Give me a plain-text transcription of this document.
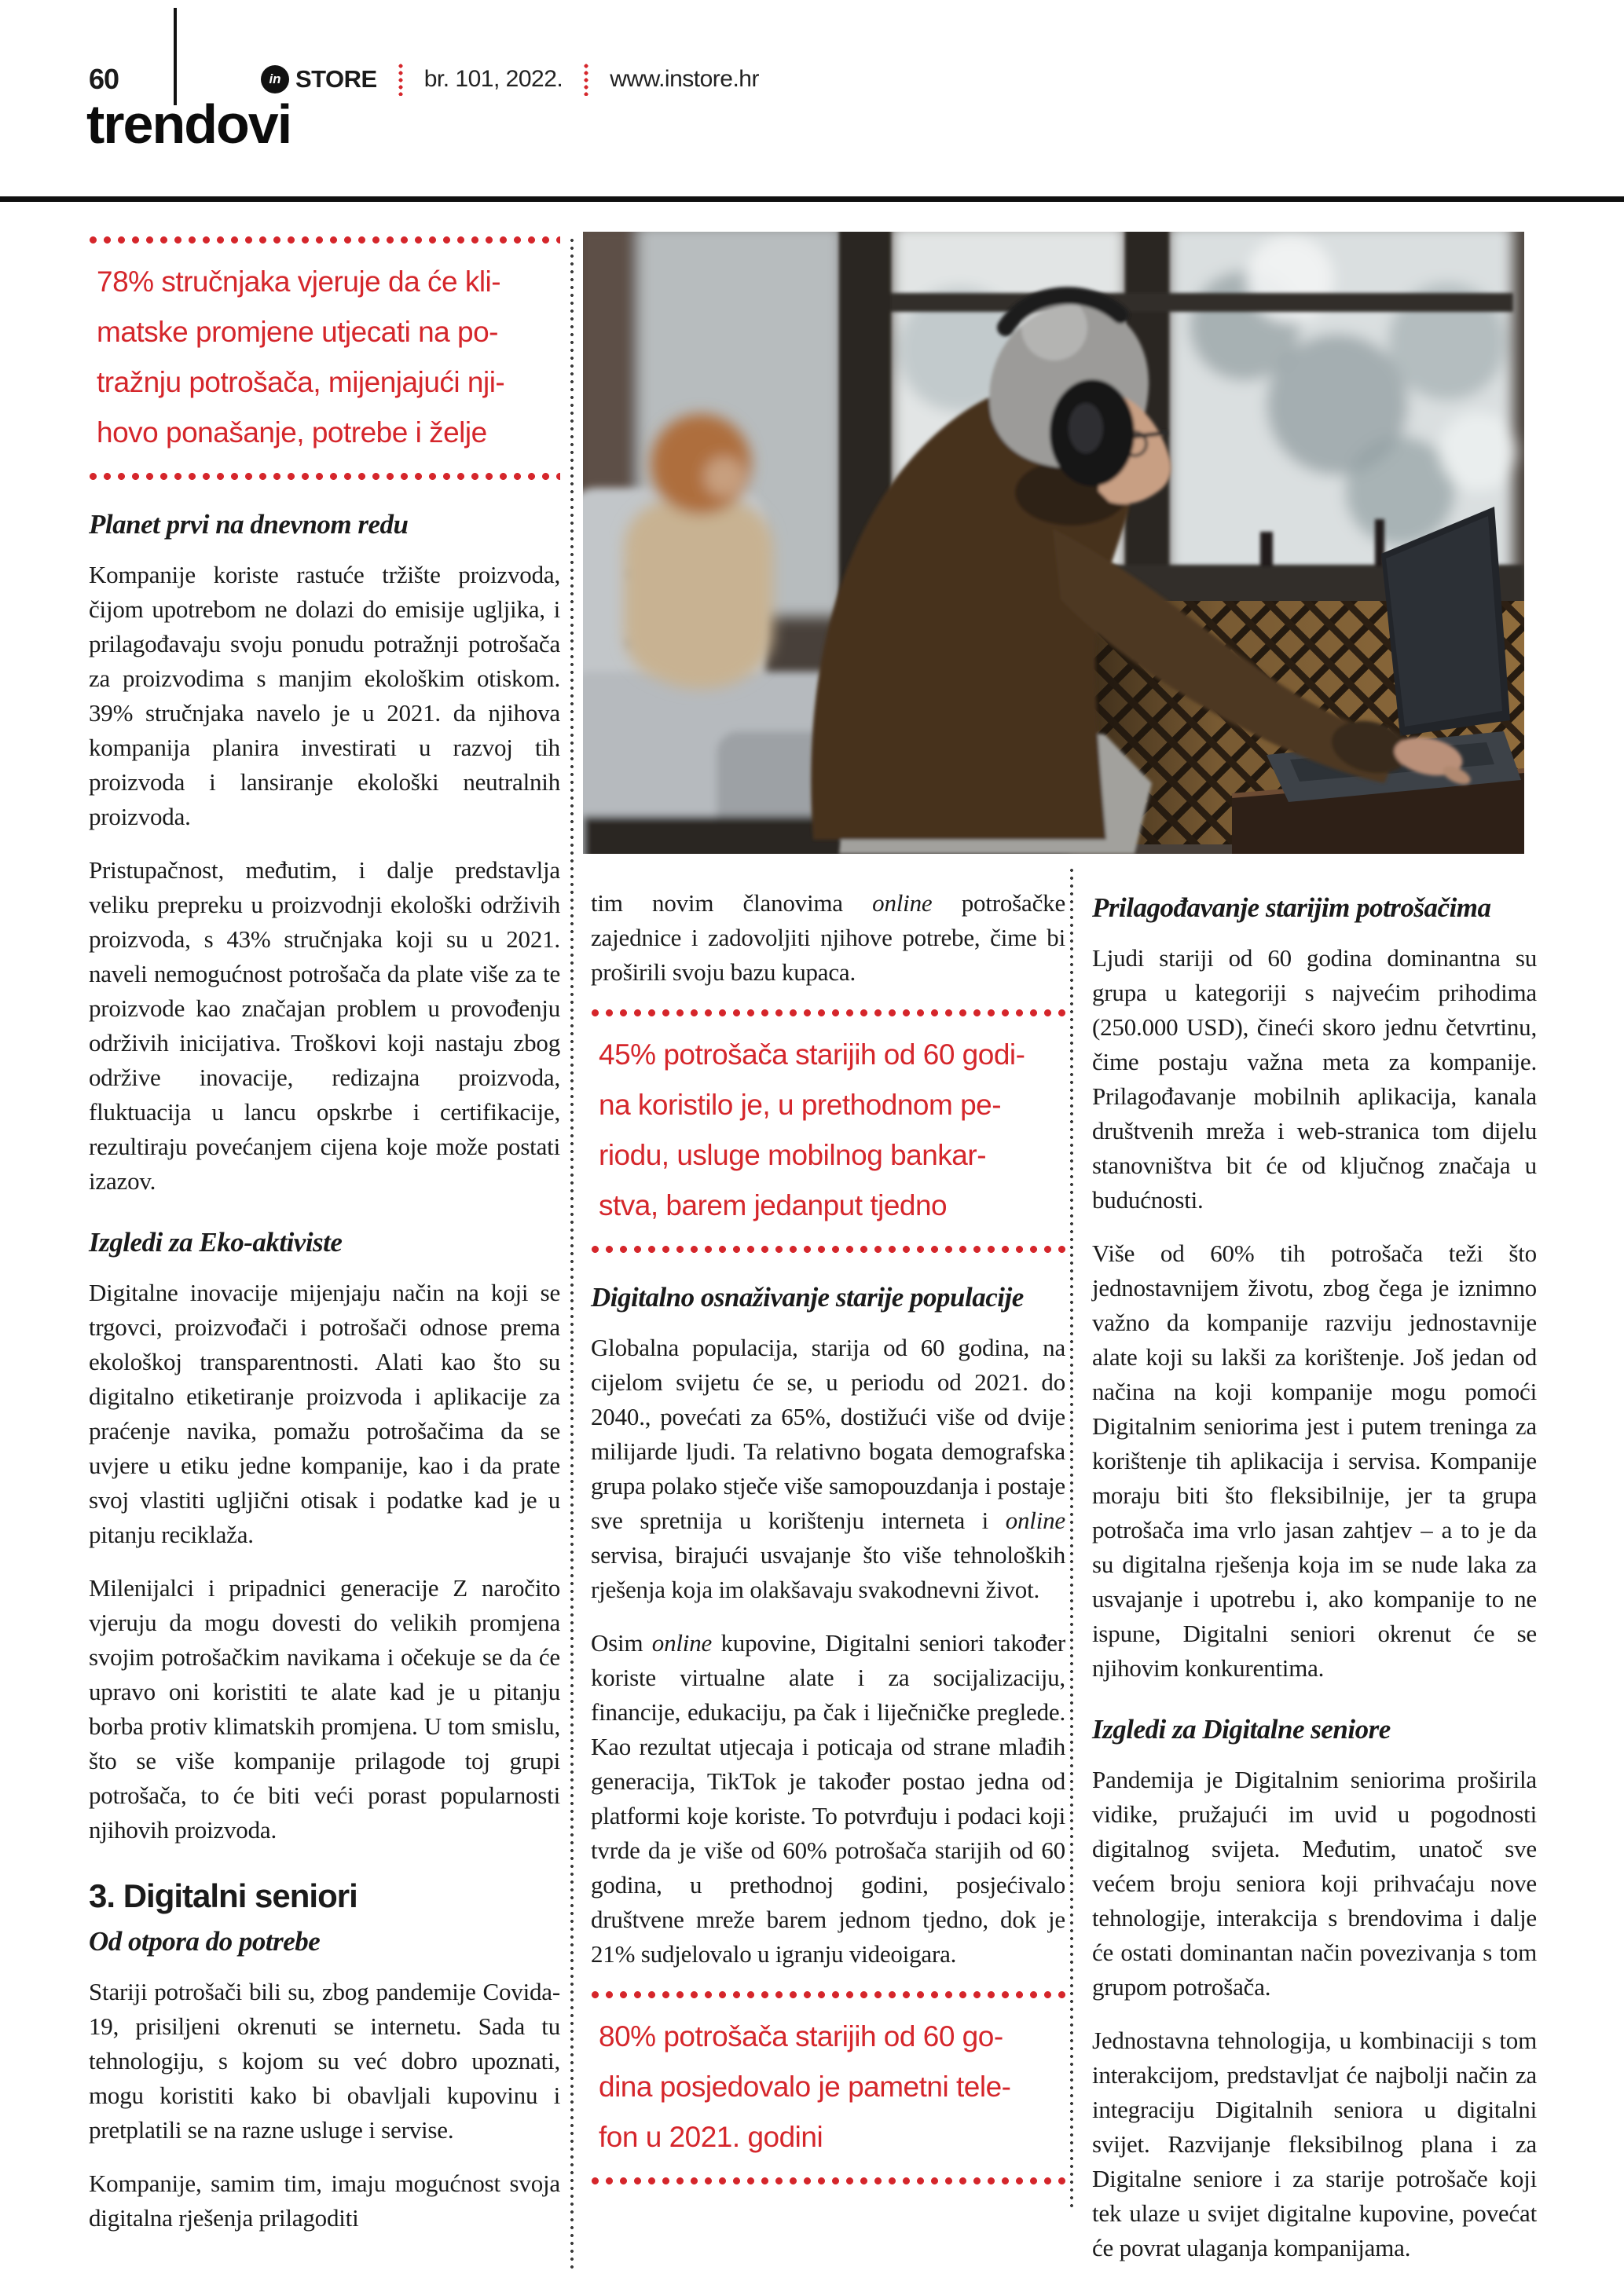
60	in STORE br. 101, 2022. www.instore.hr
trendovi
78% stručnjaka vjeruje da će kli-
matske promjene utjecati na po-
tražnju potrošača, mijenjajući nji-
hovo ponašanje, potrebe i želje
Planet prvi na dnevnom redu

Kompanije koriste rastuće tržište proizvoda, čijom upotrebom ne dolazi do emisije ugljika, i prilagođavaju svoju ponudu potražnji potrošača za proizvodima s manjim ekološkim otiskom. 39% stručnjaka navelo je u 2021. da njihova kompanija planira investirati u razvoj tih proizvoda i lansiranje ekološki neutralnih proizvoda.

Pristupačnost, međutim, i dalje predstavlja veliku prepreku u proizvodnji ekološki održivih proizvoda, s 43% stručnjaka koji su u 2021. naveli nemogućnost potrošača da plate više za te proizvode kao značajan problem u provođenju održivih inicijativa. Troškovi koji nastaju zbog održive inovacije, redizajna proizvoda, fluktuacija u lancu opskrbe i certifikacije, rezultiraju povećanjem cijena koje može postati izazov.

Izgledi za Eko-aktiviste

Digitalne inovacije mijenjaju način na koji se trgovci, proizvođači i potrošači odnose prema ekološkoj transparentnosti. Alati kao što su digitalno etiketiranje proizvoda i aplikacije za praćenje navika, pomažu potrošačima da se uvjere u etiku jedne kompanije, kao i da prate svoj vlastiti ugljični otisak i podatke kad je u pitanju reciklaža.

Milenijalci i pripadnici generacije Z naročito vjeruju da mogu dovesti do velikih promjena svojim potrošačkim navikama i očekuje se da će upravo oni koristiti te alate kad je u pitanju borba protiv klimatskih promjena. U tom smislu, što se više kompanije prilagode toj grupi potrošača, to će biti veći porast popularnosti njihovih proizvoda.

3. Digitalni seniori
Od otpora do potrebe

Stariji potrošači bili su, zbog pandemije Covida-19, prisiljeni okrenuti se internetu. Sada tu tehnologiju, s kojom su već dobro upoznati, mogu koristiti kako bi obavljali kupovinu i pretplatili se na razne usluge i servise.

Kompanije, samim tim, imaju mogućnost svoja digitalna rješenja prilagoditi

tim novim članovima online potrošačke zajednice i zadovoljiti njihove potrebe, čime bi proširili svoju bazu kupaca.

45% potrošača starijih od 60 godi-
na koristilo je, u prethodnom pe-
riodu, usluge mobilnog bankar-
stva, barem jedanput tjedno
Digitalno osnaživanje starije populacije

Globalna populacija, starija od 60 godina, na cijelom svijetu će se, u periodu od 2021. do 2040., povećati za 65%, dostižući više od dvije milijarde ljudi. Ta relativno bogata demografska grupa polako stječe više samopouzdanja i postaje sve spretnija u korištenju interneta i online servisa, birajući usvajanje što više tehnoloških rješenja koja im olakšavaju svakodnevni život.

Osim online kupovine, Digitalni seniori također koriste virtualne alate i za socijalizaciju, financije, edukaciju, pa čak i liječničke preglede. Kao rezultat utjecaja i poticaja od strane mlađih generacija, TikTok je također postao jedna od platformi koje koriste. To potvrđuju i podaci koji tvrde da je više od 60% potrošača starijih od 60 godina, u prethodnoj godini, posjećivalo društvene mreže barem jednom tjedno, dok je 21% sudjelovalo u igranju videoigara.

80% potrošača starijih od 60 go-
dina posjedovalo je pametni tele-
fon u 2021. godini
Prilagođavanje starijim potrošačima

Ljudi stariji od 60 godina dominantna su grupa u kategoriji s najvećim prihodima (250.000 USD), čineći skoro jednu četvrtinu, čime postaju važna meta za kompanije. Prilagođavanje mobilnih aplikacija, kanala društvenih mreža i web-stranica tom dijelu stanovništva bit će od ključnog značaja u budućnosti.

Više od 60% tih potrošača teži što jednostavnijem životu, zbog čega je iznimno važno da kompanije razviju jednostavnije alate koji su lakši za korištenje. Još jedan od načina na koji kompanije mogu pomoći Digitalnim seniorima jest i putem treninga za korištenje tih aplikacija i servisa. Kompanije moraju biti što fleksibilnije, jer ta grupa potrošača ima vrlo jasan zahtjev – a to je da su digitalna rješenja koja im se nude laka za usvajanje i upotrebu i, ako kompanije to ne ispune, Digitalni seniori okrenut će se njihovim konkurentima.

Izgledi za Digitalne seniore

Pandemija je Digitalnim seniorima proširila vidike, pružajući im uvid u pogodnosti digitalnog svijeta. Međutim, unatoč sve većem broju seniora koji prihvaćaju nove tehnologije, interakcija s brendovima i dalje će ostati dominantan način povezivanja s tom grupom potrošača.

Jednostavna tehnologija, u kombinaciji s tom interakcijom, predstavljat će najbolji način za integraciju Digitalnih seniora u digitalni svijet. Razvijanje fleksibilnog plana i za Digitalne seniore i za starije potrošače koji tek ulaze u svijet digitalne kupovine, povećat će povrat ulaganja kompanijama.
